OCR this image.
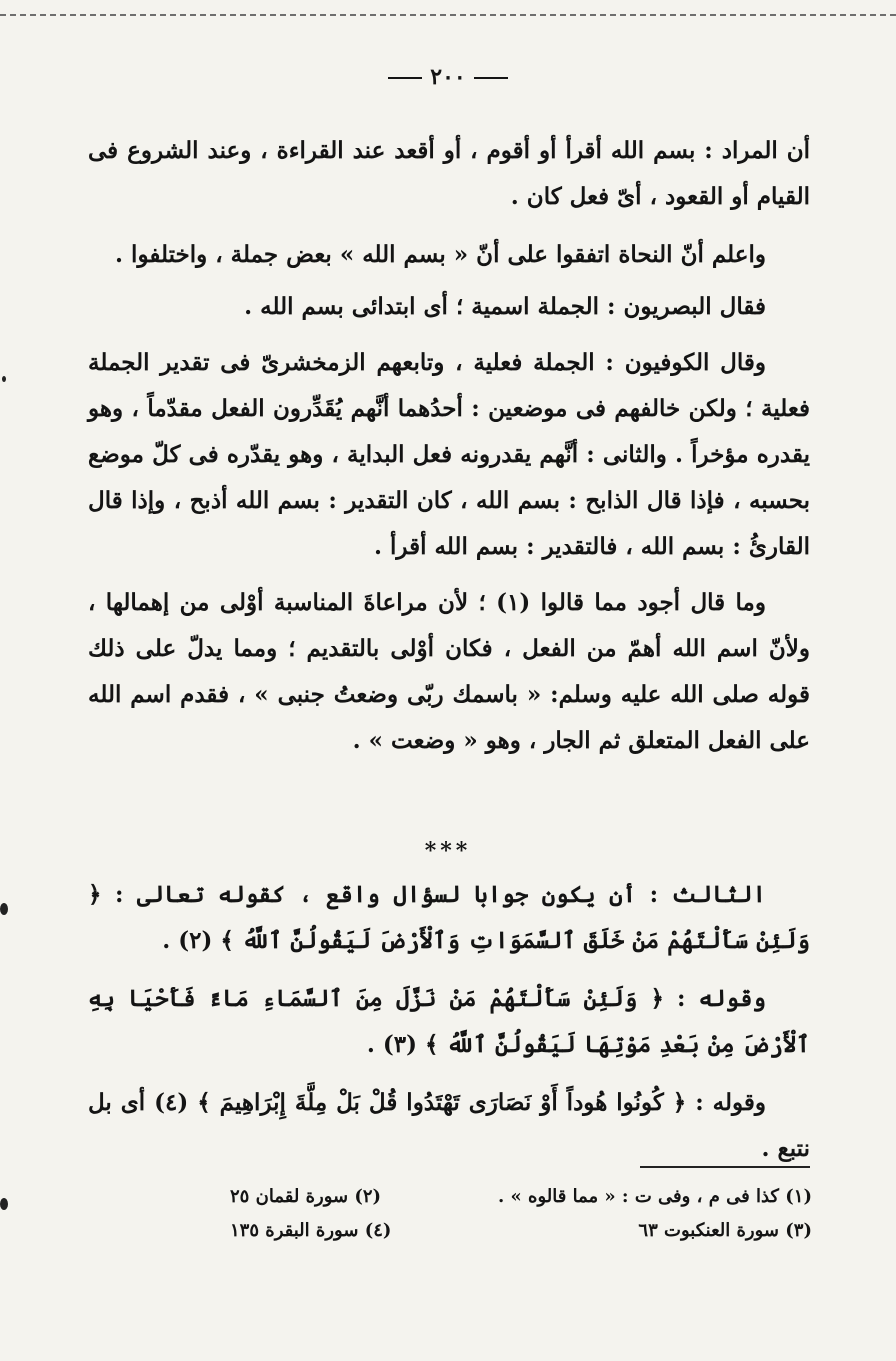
٢٠٠

أن المراد : بسم الله أقرأ أو أقوم ، أو أقعد عند القراءة ، وعند الشروع فى القيام أو القعود ، أىّ فعل كان .

واعلم أنّ النحاة اتفقوا على أنّ « بسم الله » بعض جملة ، واختلفوا .

فقال البصريون : الجملة اسمية ؛ أى ابتدائى بسم الله .

وقال الكوفيون : الجملة فعلية ، وتابعهم الزمخشرىّ فى تقدير الجملة فعلية ؛ ولكن خالفهم فى موضعين : أحدُهما أنَّهم يُقَدِّرون الفعل مقدّماً ، وهو يقدره مؤخراً . والثانى : أنَّهم يقدرونه فعل البداية ، وهو يقدّره فى كلّ موضع بحسبه ، فإذا قال الذابح : بسم الله ، كان التقدير : بسم الله أذبح ، وإذا قال القارئُ : بسم الله ، فالتقدير : بسم الله أقرأ .

وما قال أجود مما قالوا (١) ؛ لأن مراعاةَ المناسبة أوْلى من إهمالها ، ولأنّ اسم الله أهمّ من الفعل ، فكان أوْلى بالتقديم ؛ ومما يدلّ على ذلك قوله صلى الله عليه وسلم: « باسمك ربّى وضعتُ جنبى » ، فقدم اسم الله على الفعل المتعلق ثم الجار ، وهو « وضعت » .

***

الثالث : أن يكون جوابا لسؤال واقع ، كقوله تعالى : ﴿ وَلَئِنْ سَأَلْتَهُمْ مَنْ خَلَقَ ٱلسَّمَوَاتِ وَٱلْأَرْضَ لَيَقُولُنَّ ٱللَّهُ ﴾ (٢) .

وقوله : ﴿ وَلَئِنْ سَأَلْتَهُمْ مَنْ نَزَّلَ مِنَ ٱلسَّمَاءِ مَاءً فَأَحْيَا بِهِ ٱلْأَرْضَ مِنْ بَعْدِ مَوْتِهَا لَيَقُولُنَّ ٱللَّهُ ﴾ (٣) .

وقوله : ﴿ كُونُوا هُوداً أَوْ نَصَارَى تَهْتَدُوا قُلْ بَلْ مِلَّةَ إِبْرَاهِيمَ ﴾ (٤) أى بل نتبع .

(١) كذا فى م ، وفى ت : « مما قالوه » .
(٢) سورة لقمان ٢٥
(٣) سورة العنكبوت ٦٣
(٤) سورة البقرة ١٣٥
